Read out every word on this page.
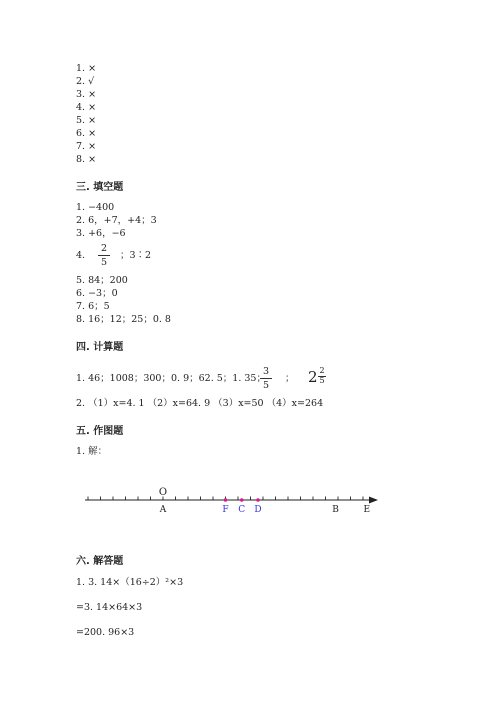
1. ×
2. √
3. ×
4. ×
5. ×
6. ×
7. ×
8. ×
三. 填空题
1. −400
2. 6，+7，+4；3
3. +6，−6
4.
2
5
；3∶2
5. 84；200
6. −3；0
7. 6；5
8. 16；12；25；0. 8
四. 计算题
1. 46；1008；300；0. 9；62. 5；1. 35；
3
5
； 2 2
5
2. （1）x=4. 1 （2）x=64. 9 （3）x=50 （4）x=264
五. 作图题
1. 解：
O
A	F C D	B	E
六. 解答题
1. 3. 14×（16÷2）²×3
=3. 14×64×3
=200. 96×3
